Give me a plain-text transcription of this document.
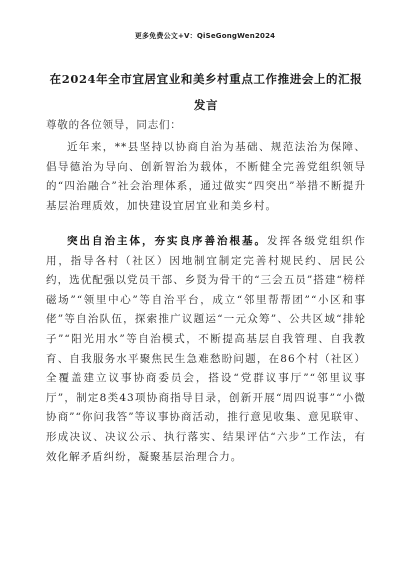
更多免费公文+V：QiSeGongWen2024
在2024年全市宜居宜业和美乡村重点工作推进会上的汇报发言
尊敬的各位领导，同志们：

近年来，**县坚持以协商自治为基础、规范法治为保障、倡导德治为导向、创新智治为载体，不断健全完善党组织领导的“四治融合”社会治理体系，通过做实“四突出”举措不断提升基层治理质效，加快建设宜居宜业和美乡村。

突出自治主体，夯实良序善治根基。发挥各级党组织作用，指导各村（社区）因地制宜制定完善村规民约、居民公约，选优配强以党员干部、乡贤为骨干的“三会五员”搭建“榜样磁场”“领里中心”等自治平台，成立“邻里帮帮团”“小区和事佬”等自治队伍，探索推广议题运“一元众筹”、公共区域“排轮子”“阳光用水”等自治模式，不断提高基层自我管理、自我教育、自我服务水平聚焦民生急难愁盼问题，在86个村（社区）全覆盖建立议事协商委员会，搭设“党群议事厅”“邻里议事厅”，制定8类43项协商指导目录，创新开展“周四说事”“小微协商”“你问我答”等议事协商活动，推行意见收集、意见联审、形成决议、决议公示、执行落实、结果评估“六步”工作法，有效化解矛盾纠纷，凝聚基层治理合力。
